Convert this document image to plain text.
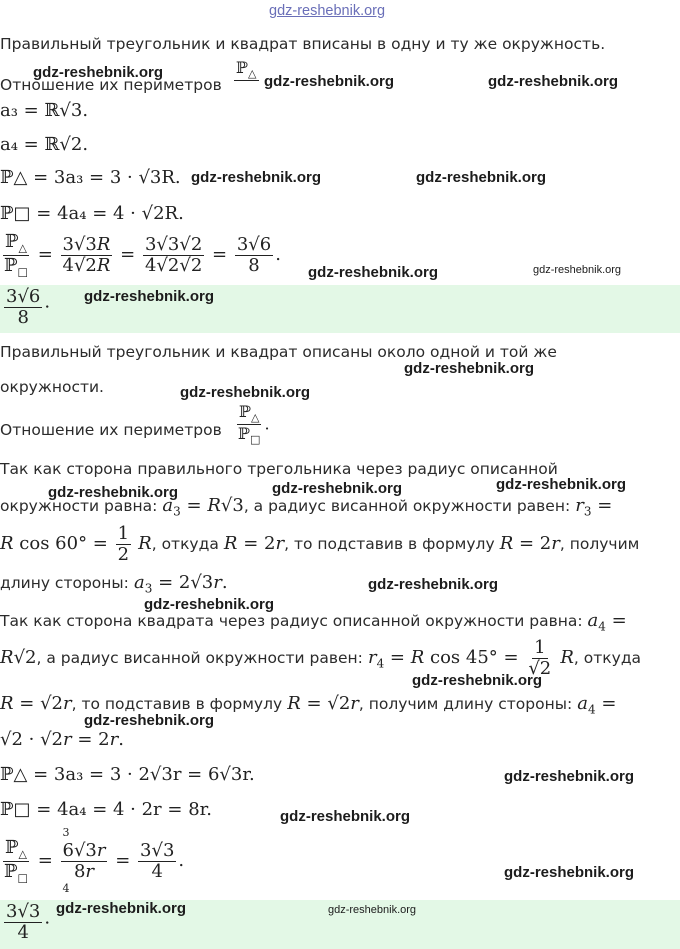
gdz-reshebnik.org
Правильный треугольник и квадрат вписаны в одну и ту же окружность.
Отношение их периметров
ℙ$_\triangle$
a₃ = ℝ√3.
a₄ = ℝ√2.
ℙ△ = 3a₃ = 3 · √3R.
ℙ□ = 4a₄ = 4 · √2R.
$\frac{ℙ_\triangle}{ℙ_□} = \frac{3√3R}{4√2R} = \frac{3√3√2}{4√2√2} = \frac{3√6}{8}$ .
$\frac{3√6}{8}$ .
Правильный треугольник и квадрат описаны около одной и той же
окружности.
Отношение их периметров $\frac{ℙ_\triangle}{ℙ_□}$ .
Так как сторона правильного трегольника через радиус описанной
окружности равна: $a_3 = R√3$, а радиус висанной окружности равен: $r_3$ =
R $\cos 60^\circ = \frac{1}{2} R$, откуда R = 2r, то подставив в формулу R = 2r, получим
длину стороны: $a_3 = 2√3r$.
Так как сторона квадрата через радиус описанной окружности равна: $a_4$ =
R√2, а радиус висанной окружности равен: $r_4 = R$ $\cos 45^\circ = \frac{1}{√2} R$, откуда
R = √2r, то подставив в формулу R = √2r, получим длину стороны: $a_4$ =
√2 · √2r = 2r.
ℙ△ = 3a₃ = 3 · 2√3r = 6√3r.
ℙ□ = 4a₄ = 4 · 2r = 8r.
$\frac{ℙ_\triangle}{ℙ_□} = 6√3r$
8r
3
4
= $\frac{3√3}{4}$ .
$\frac{3√3}{4}$ .
gdz-reshebnik.org
gdz-reshebnik.org	gdz-reshebnik.org
gdz-reshebnik.org	gdz-reshebnik.org
gdz-reshebnik.org	gdz-reshebnik.org
gdz-reshebnik.org
gdz-reshebnik.org
gdz-reshebnik.org
gdz-reshebnik.org	gdz-reshebnik.org	gdz-reshebnik.org
gdz-reshebnik.org
gdz-reshebnik.org
gdz-reshebnik.org
gdz-reshebnik.org
gdz-reshebnik.org
gdz-reshebnik.org
gdz-reshebnik.org
gdz-reshebnik.org	gdz-reshebnik.org
